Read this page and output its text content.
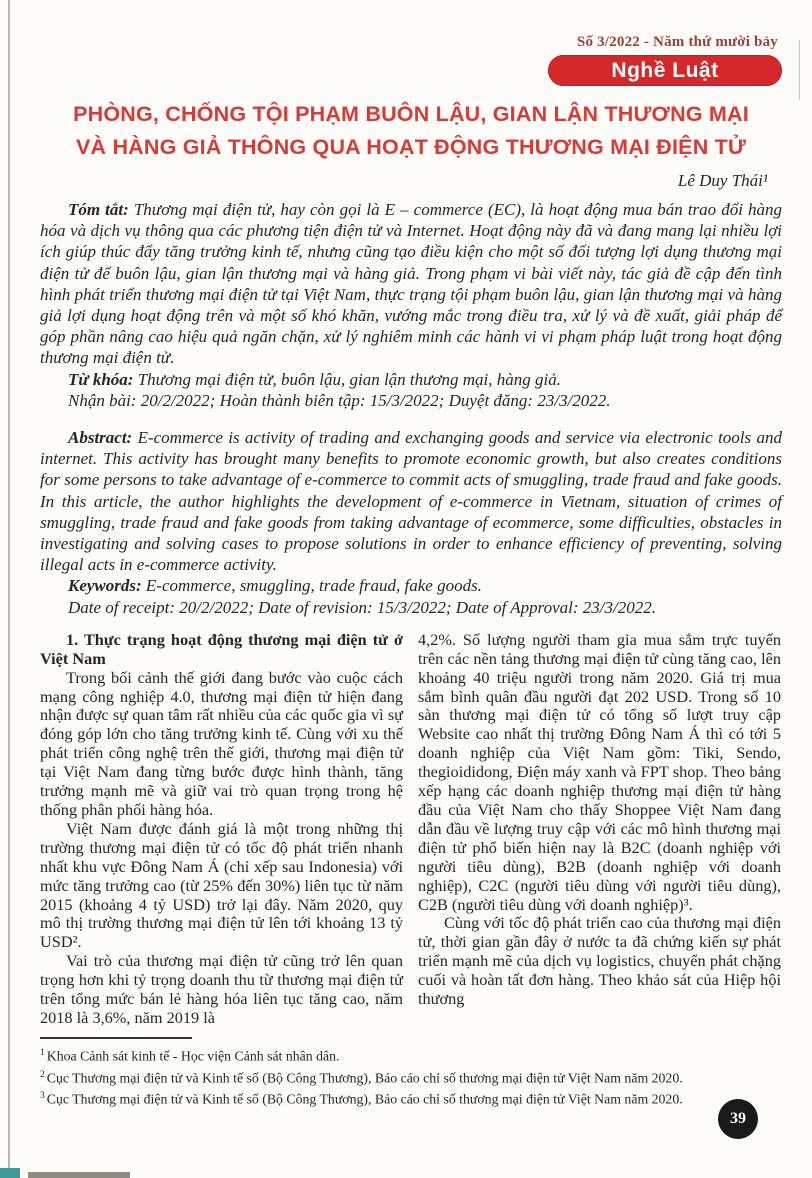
Số 3/2022 - Năm thứ mười bảy
Nghề Luật
PHÒNG, CHỐNG TỘI PHẠM BUÔN LẬU, GIAN LẬN THƯƠNG MẠI
VÀ HÀNG GIẢ THÔNG QUA HOẠT ĐỘNG THƯƠNG MẠI ĐIỆN TỬ
Lê Duy Thái¹

Tóm tắt: Thương mại điện tử, hay còn gọi là E – commerce (EC), là hoạt động mua bán trao đổi hàng hóa và dịch vụ thông qua các phương tiện điện tử và Internet. Hoạt động này đã và đang mang lại nhiều lợi ích giúp thúc đẩy tăng trưởng kinh tế, nhưng cũng tạo điều kiện cho một số đối tượng lợi dụng thương mại điện tử để buôn lậu, gian lận thương mại và hàng giả. Trong phạm vi bài viết này, tác giả đề cập đến tình hình phát triển thương mại điện tử tại Việt Nam, thực trạng tội phạm buôn lậu, gian lận thương mại và hàng giả lợi dụng hoạt động trên và một số khó khăn, vướng mắc trong điều tra, xử lý và đề xuất, giải pháp để góp phần nâng cao hiệu quả ngăn chặn, xử lý nghiêm minh các hành vi vi phạm pháp luật trong hoạt động thương mại điện tử.

Từ khóa: Thương mại điện tử, buôn lậu, gian lận thương mại, hàng giả.

Nhận bài: 20/2/2022; Hoàn thành biên tập: 15/3/2022; Duyệt đăng: 23/3/2022.

Abstract: E-commerce is activity of trading and exchanging goods and service via electronic tools and internet. This activity has brought many benefits to promote economic growth, but also creates conditions for some persons to take advantage of e-commerce to commit acts of smuggling, trade fraud and fake goods. In this article, the author highlights the development of e-commerce in Vietnam, situation of crimes of smuggling, trade fraud and fake goods from taking advantage of ecommerce, some difficulties, obstacles in investigating and solving cases to propose solutions in order to enhance efficiency of preventing, solving illegal acts in e-commerce activity.

Keywords: E-commerce, smuggling, trade fraud, fake goods.

Date of receipt: 20/2/2022; Date of revision: 15/3/2022; Date of Approval: 23/3/2022.

1. Thực trạng hoạt động thương mại điện tử ở Việt Nam

Trong bối cảnh thế giới đang bước vào cuộc cách mạng công nghiệp 4.0, thương mại điện tử hiện đang nhận được sự quan tâm rất nhiều của các quốc gia vì sự đóng góp lớn cho tăng trưởng kinh tế. Cùng với xu thế phát triển công nghệ trên thế giới, thương mại điện tử tại Việt Nam đang từng bước được hình thành, tăng trưởng mạnh mẽ và giữ vai trò quan trọng trong hệ thống phân phối hàng hóa.

Việt Nam được đánh giá là một trong những thị trường thương mại điện tử có tốc độ phát triển nhanh nhất khu vực Đông Nam Á (chỉ xếp sau Indonesia) với mức tăng trưởng cao (từ 25% đến 30%) liên tục từ năm 2015 (khoảng 4 tỷ USD) trở lại đây. Năm 2020, quy mô thị trường thương mại điện tử lên tới khoảng 13 tỷ USD².

Vai trò của thương mại điện tử cũng trở lên quan trọng hơn khi tỷ trọng doanh thu từ thương mại điện tử trên tổng mức bán lẻ hàng hóa liên tục tăng cao, năm 2018 là 3,6%, năm 2019 là

4,2%. Số lượng người tham gia mua sắm trực tuyến trên các nền tảng thương mại điện tử cùng tăng cao, lên khoảng 40 triệu người trong năm 2020. Giá trị mua sắm bình quân đầu người đạt 202 USD. Trong số 10 sàn thương mại điện tử có tổng số lượt truy cập Website cao nhất thị trường Đông Nam Á thì có tới 5 doanh nghiệp của Việt Nam gồm: Tiki, Sendo, thegioididong, Điện máy xanh và FPT shop. Theo bảng xếp hạng các doanh nghiệp thương mại điện tử hàng đầu của Việt Nam cho thấy Shoppee Việt Nam đang dẫn đầu về lượng truy cập với các mô hình thương mại điện tử phổ biến hiện nay là B2C (doanh nghiệp với người tiêu dùng), B2B (doanh nghiệp với doanh nghiệp), C2C (người tiêu dùng với người tiêu dùng), C2B (người tiêu dùng với doanh nghiệp)³.

Cùng với tốc độ phát triển cao của thương mại điện tử, thời gian gần đây ở nước ta đã chứng kiến sự phát triển mạnh mẽ của dịch vụ logistics, chuyển phát chặng cuối và hoàn tất đơn hàng. Theo khảo sát của Hiệp hội thương

$^1$ Khoa Cảnh sát kinh tế - Học viện Cảnh sát nhân dân.

$^2$ Cục Thương mại điện tử và Kinh tế số (Bộ Công Thương), Báo cáo chỉ số thương mại điện tử Việt Nam năm 2020.

$^3$ Cục Thương mại điện tử và Kinh tế số (Bộ Công Thương), Báo cáo chỉ số thương mại điện tử Việt Nam năm 2020.

39
